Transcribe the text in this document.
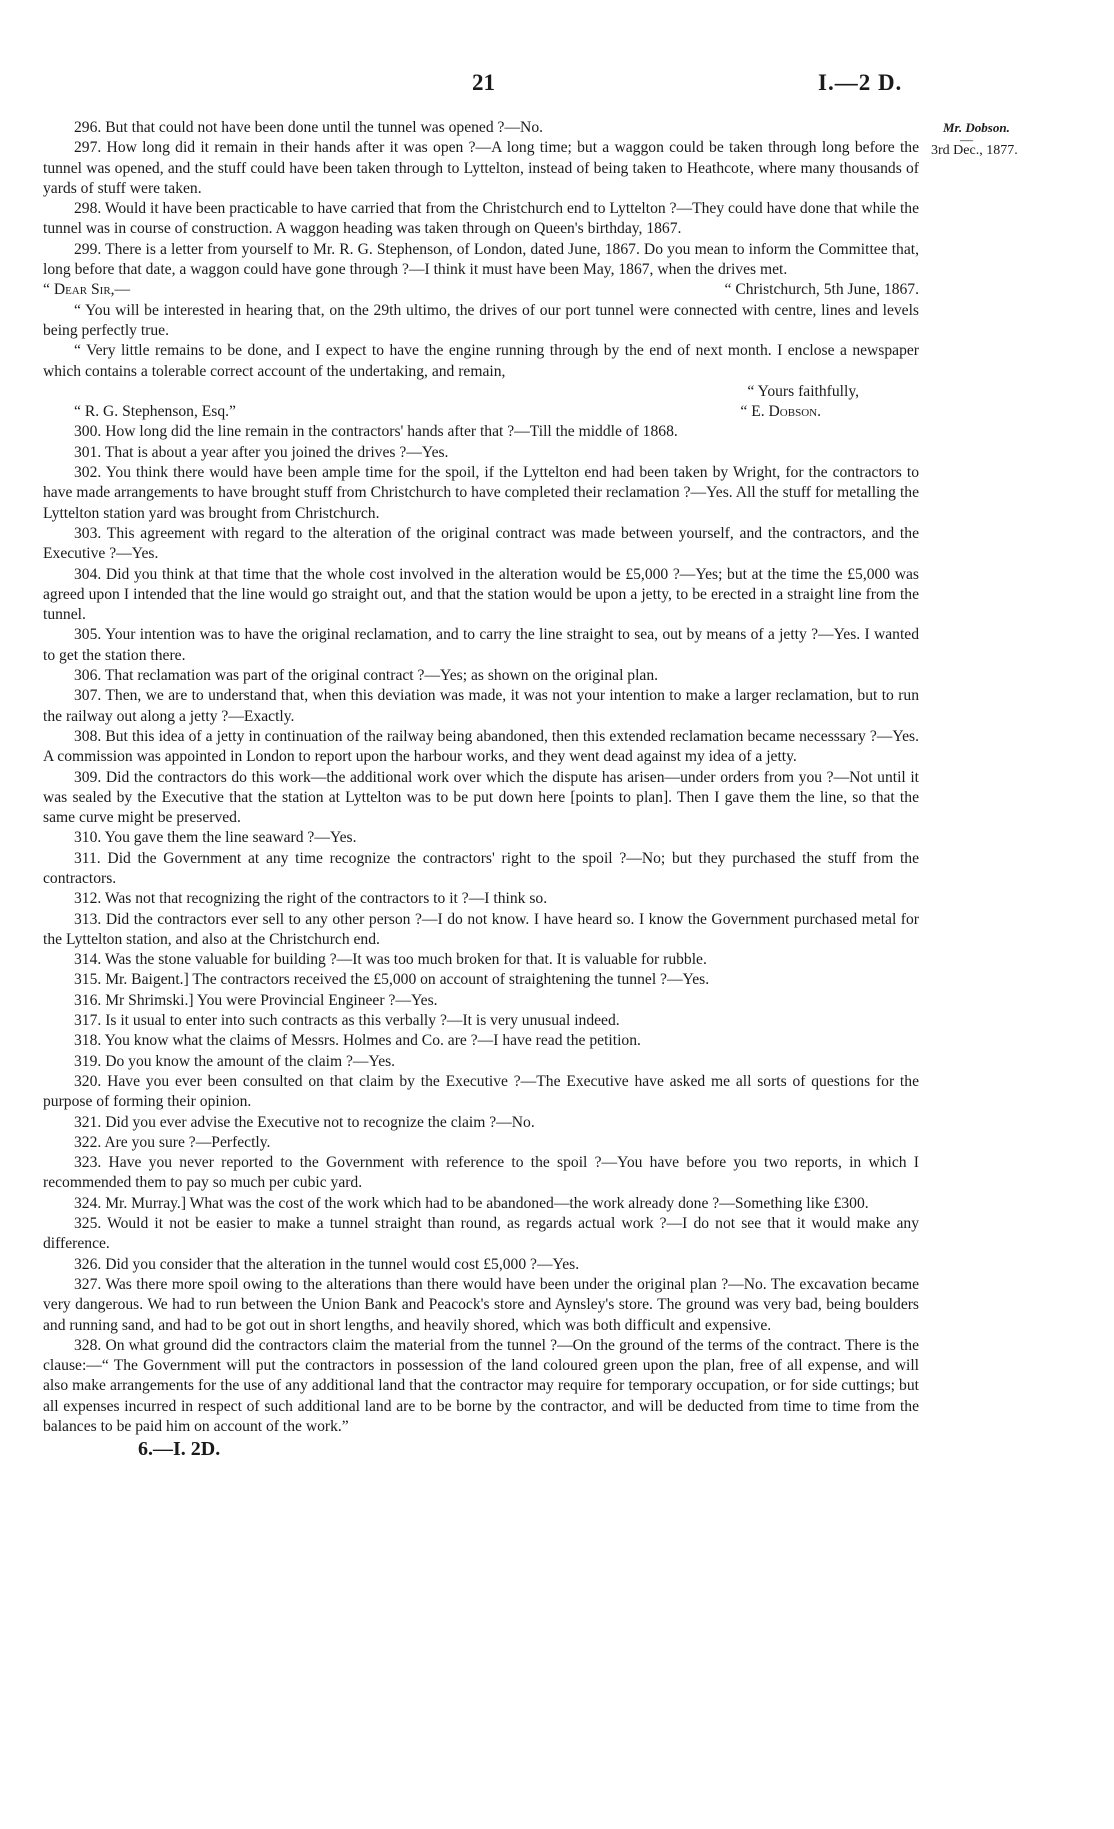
21	I.—2 D.
Mr. Dobson.
—
3rd Dec., 1877.

296. But that could not have been done until the tunnel was opened ?—No.

297. How long did it remain in their hands after it was open ?—A long time; but a waggon could be taken through long before the tunnel was opened, and the stuff could have been taken through to Lyttelton, instead of being taken to Heathcote, where many thousands of yards of stuff were taken.

298. Would it have been practicable to have carried that from the Christchurch end to Lyttelton ?—They could have done that while the tunnel was in course of construction. A waggon heading was taken through on Queen's birthday, 1867.

299. There is a letter from yourself to Mr. R. G. Stephenson, of London, dated June, 1867. Do you mean to inform the Committee that, long before that date, a waggon could have gone through ?—I think it must have been May, 1867, when the drives met.

“ Dear Sir,—	“ Christchurch, 5th June, 1867.

“ You will be interested in hearing that, on the 29th ultimo, the drives of our port tunnel were connected with centre, lines and levels being perfectly true.

“ Very little remains to be done, and I expect to have the engine running through by the end of next month. I enclose a newspaper which contains a tolerable correct account of the undertaking, and remain,

“ Yours faithfully,

“ R. G. Stephenson, Esq.”	“ E. Dobson.

300. How long did the line remain in the contractors' hands after that ?—Till the middle of 1868.

301. That is about a year after you joined the drives ?—Yes.

302. You think there would have been ample time for the spoil, if the Lyttelton end had been taken by Wright, for the contractors to have made arrangements to have brought stuff from Christchurch to have completed their reclamation ?—Yes. All the stuff for metalling the Lyttelton station yard was brought from Christchurch.

303. This agreement with regard to the alteration of the original contract was made between yourself, and the contractors, and the Executive ?—Yes.

304. Did you think at that time that the whole cost involved in the alteration would be £5,000 ?—Yes; but at the time the £5,000 was agreed upon I intended that the line would go straight out, and that the station would be upon a jetty, to be erected in a straight line from the tunnel.

305. Your intention was to have the original reclamation, and to carry the line straight to sea, out by means of a jetty ?—Yes. I wanted to get the station there.

306. That reclamation was part of the original contract ?—Yes; as shown on the original plan.

307. Then, we are to understand that, when this deviation was made, it was not your intention to make a larger reclamation, but to run the railway out along a jetty ?—Exactly.

308. But this idea of a jetty in continuation of the railway being abandoned, then this extended reclamation became necesssary ?—Yes. A commission was appointed in London to report upon the harbour works, and they went dead against my idea of a jetty.

309. Did the contractors do this work—the additional work over which the dispute has arisen—under orders from you ?—Not until it was sealed by the Executive that the station at Lyttelton was to be put down here [points to plan]. Then I gave them the line, so that the same curve might be preserved.

310. You gave them the line seaward ?—Yes.

311. Did the Government at any time recognize the contractors' right to the spoil ?—No; but they purchased the stuff from the contractors.

312. Was not that recognizing the right of the contractors to it ?—I think so.

313. Did the contractors ever sell to any other person ?—I do not know. I have heard so. I know the Government purchased metal for the Lyttelton station, and also at the Christchurch end.

314. Was the stone valuable for building ?—It was too much broken for that. It is valuable for rubble.

315. Mr. Baigent.] The contractors received the £5,000 on account of straightening the tunnel ?—Yes.

316. Mr Shrimski.] You were Provincial Engineer ?—Yes.

317. Is it usual to enter into such contracts as this verbally ?—It is very unusual indeed.

318. You know what the claims of Messrs. Holmes and Co. are ?—I have read the petition.

319. Do you know the amount of the claim ?—Yes.

320. Have you ever been consulted on that claim by the Executive ?—The Executive have asked me all sorts of questions for the purpose of forming their opinion.

321. Did you ever advise the Executive not to recognize the claim ?—No.

322. Are you sure ?—Perfectly.

323. Have you never reported to the Government with reference to the spoil ?—You have before you two reports, in which I recommended them to pay so much per cubic yard.

324. Mr. Murray.] What was the cost of the work which had to be abandoned—the work already done ?—Something like £300.

325. Would it not be easier to make a tunnel straight than round, as regards actual work ?—I do not see that it would make any difference.

326. Did you consider that the alteration in the tunnel would cost £5,000 ?—Yes.

327. Was there more spoil owing to the alterations than there would have been under the original plan ?—No. The excavation became very dangerous. We had to run between the Union Bank and Peacock's store and Aynsley's store. The ground was very bad, being boulders and running sand, and had to be got out in short lengths, and heavily shored, which was both difficult and expensive.

328. On what ground did the contractors claim the material from the tunnel ?—On the ground of the terms of the contract. There is the clause:—“ The Government will put the contractors in possession of the land coloured green upon the plan, free of all expense, and will also make arrangements for the use of any additional land that the contractor may require for temporary occupation, or for side cuttings; but all expenses incurred in respect of such additional land are to be borne by the contractor, and will be deducted from time to time from the balances to be paid him on account of the work.”

6.—I. 2D.
